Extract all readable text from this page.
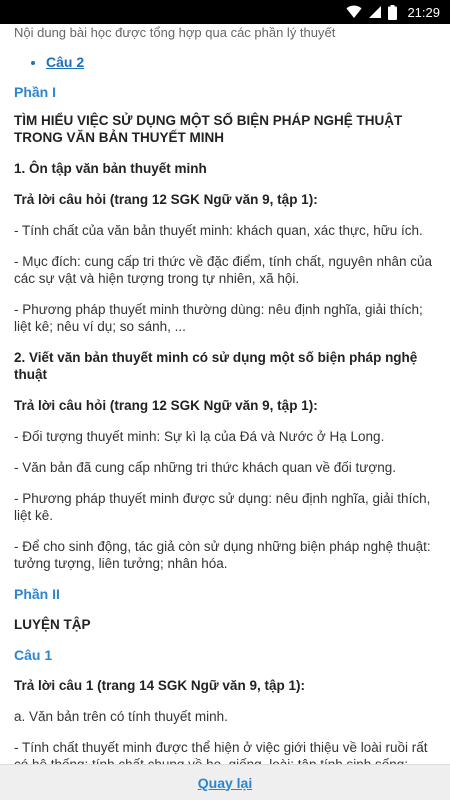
21:29
Nội dung bài học được tổng hợp qua các phần lý thuyết
• Câu 2
Phần I
TÌM HIỂU VIỆC SỬ DỤNG MỘT SỐ BIỆN PHÁP NGHỆ THUẬT TRONG VĂN BẢN THUYẾT MINH
1. Ôn tập văn bản thuyết minh
Trả lời câu hỏi (trang 12 SGK Ngữ văn 9, tập 1):

- Tính chất của văn bản thuyết minh: khách quan, xác thực, hữu ích.

- Mục đích: cung cấp tri thức về đặc điểm, tính chất, nguyên nhân của các sự vật và hiện tượng trong tự nhiên, xã hội.

- Phương pháp thuyết minh thường dùng: nêu định nghĩa, giải thích; liệt kê; nêu ví dụ; so sánh, ...

2. Viết văn bản thuyết minh có sử dụng một số biện pháp nghệ thuật
Trả lời câu hỏi (trang 12 SGK Ngữ văn 9, tập 1):

- Đối tượng thuyết minh: Sự kì lạ của Đá và Nước ở Hạ Long.

- Văn bản đã cung cấp những tri thức khách quan về đối tượng.

- Phương pháp thuyết minh được sử dụng: nêu định nghĩa, giải thích, liệt kê.

- Để cho sinh động, tác giả còn sử dụng những biện pháp nghệ thuật: tưởng tượng, liên tưởng; nhân hóa.

Phần II
LUYỆN TẬP
Câu 1
Trả lời câu 1 (trang 14 SGK Ngữ văn 9, tập 1):

a. Văn bản trên có tính thuyết minh.

- Tính chất thuyết minh được thể hiện ở việc giới thiệu về loài ruồi rất

Quay lại
